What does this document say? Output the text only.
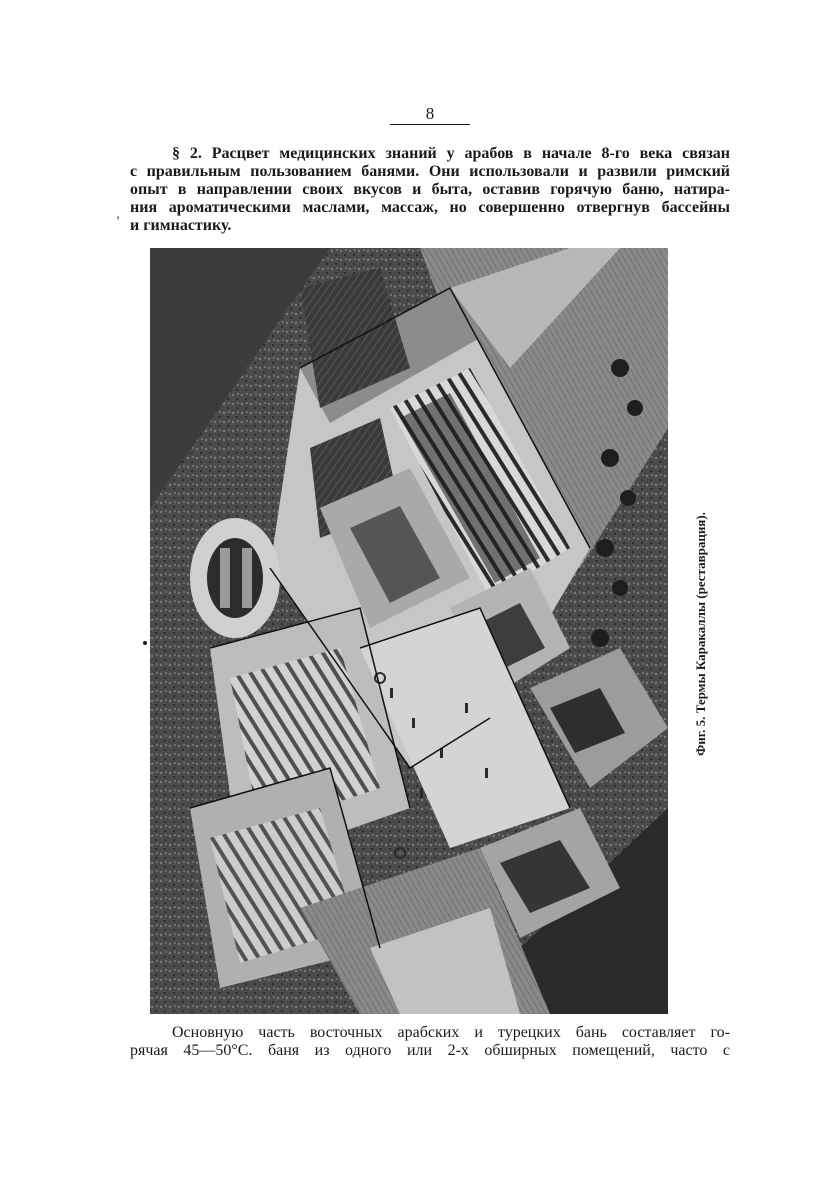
8
’
§ 2. Расцвет медицинских знаний у арабов в начале 8-го века связан
с правильным пользованием банями. Они использовали и развили римский
опыт в направлении своих вкусов и быта, оставив горячую баню, натира-
ния ароматическими маслами, массаж, но совершенно отвергнув бассейны
и гимнастику.
Фиг. 5. Термы Каракаллы (реставрация).
Основную часть восточных арабских и турецких бань составляет го-
рячая 45—50°С. баня из одного или 2-х обширных помещений, часто с
